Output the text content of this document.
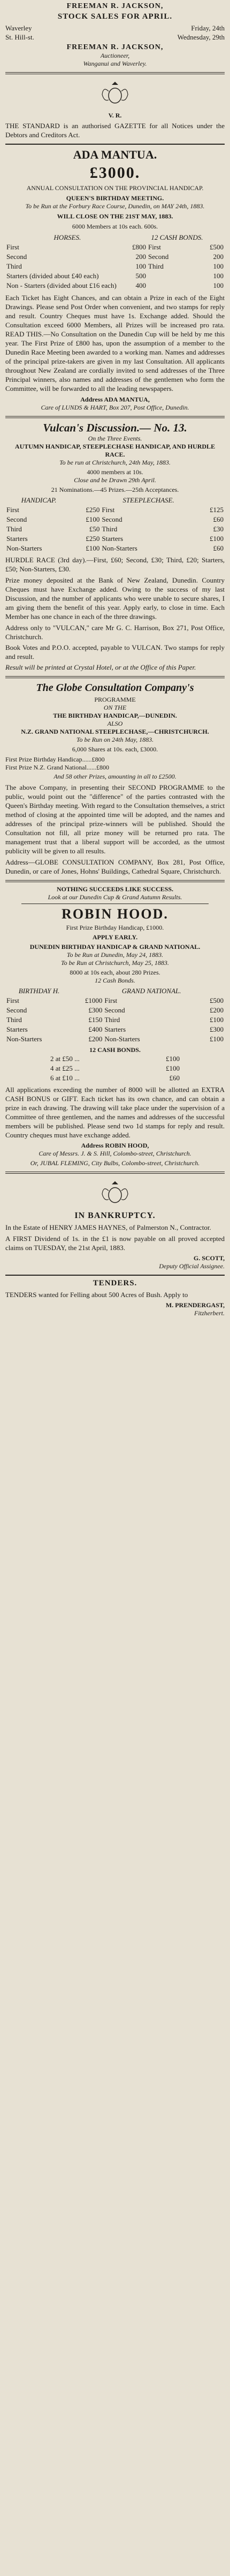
FREEMAN R. JACKSON,
STOCK SALES FOR APRIL.
Waverley	Friday, 24th
St. Hill-st.	Wednesday, 29th
FREEMAN R. JACKSON,
Auctioneer,
Wanganui and Waverley.
V. R.
THE STANDARD is an authorised GAZETTE for all Notices under the Debtors and Creditors Act.
ADA MANTUA.
£3000.
ANNUAL CONSULTATION ON THE PROVINCIAL HANDICAP.
QUEEN'S BIRTHDAY MEETING.
To be Run at the Forbury Race Course, Dunedin, on MAY 24th, 1883.
WILL CLOSE ON THE 21ST MAY, 1883.
6000 Members at 10s each. 600s.
HORSES.		12 CASH BONDS.	
First	£800	First	£500
Second	200	Second	200
Third	100	Third	100
Starters (divided about £40 each)	500		100
Non - Starters (divided about £16 each)	400		100
Each Ticket has Eight Chances, and can obtain a Prize in each of the Eight Drawings. Please send Post Order when convenient, and two stamps for reply and result. Country Cheques must have 1s. Exchange added. Should the Consultation exceed 6000 Members, all Prizes will be increased pro rata. READ THIS.—No Consultation on the Dunedin Cup will be held by me this year. The First Prize of £800 has, upon the assumption of a member to the Dunedin Race Meeting been awarded to a working man. Names and addresses of the principal prize-takers are given in my last Consultation. All applicants throughout New Zealand are cordially invited to send addresses of the Three Principal winners, also names and addresses of the gentlemen who form the Committee, will be forwarded to all the leading newspapers.
Address ADA MANTUA,
Care of LUNDS & HART, Box 207, Post Office, Dunedin.
Vulcan's Discussion.— No. 13.
On the Three Events.
AUTUMN HANDICAP, STEEPLECHASE HANDICAP, AND HURDLE RACE.
To be run at Christchurch, 24th May, 1883.
4000 members at 10s.
Close and be Drawn 29th April.
21 Nominations.—45 Prizes.—25th Acceptances.
HANDICAP.		STEEPLECHASE.	
First	£250	First	£125
Second	£100	Second	£60
Third	£50	Third	£30
Starters	£250	Starters	£100
Non-Starters	£100	Non-Starters	£60
HURDLE RACE (3rd day).—First, £60; Second, £30; Third, £20; Starters, £50; Non-Starters, £30.
Prize money deposited at the Bank of New Zealand, Dunedin. Country Cheques must have Exchange added. Owing to the success of my last Discussion, and the number of applicants who were unable to secure shares, I am giving them the benefit of this year. Apply early, to close in time. Each Member has one chance in each of the three drawings.
Address only to "VULCAN," care Mr G. C. Harrison, Box 271, Post Office, Christchurch.
Book Votes and P.O.O. accepted, payable to VULCAN. Two stamps for reply and result.
Result will be printed at Crystal Hotel, or at the Office of this Paper.
The Globe Consultation Company's
PROGRAMME
ON THE
THE BIRTHDAY HANDICAP,—DUNEDIN.
ALSO
N.Z. GRAND NATIONAL STEEPLECHASE,—CHRISTCHURCH.
To be Run on 24th May, 1883.
6,000 Shares at 10s. each, £3000.
First Prize Birthday Handicap......£800
First Prize N.Z. Grand National......£800
And 58 other Prizes, amounting in all to £2500.
The above Company, in presenting their SECOND PROGRAMME to the public, would point out the "difference" of the parties contrasted with the Queen's Birthday meeting. With regard to the Consultation themselves, a strict method of closing at the appointed time will be adopted, and the names and addresses of the principal prize-winners will be published. Should the Consultation not fill, all prize money will be returned pro rata. The management trust that a liberal support will be accorded, as the utmost publicity will be given to all results.
Address—GLOBE CONSULTATION COMPANY, Box 281, Post Office, Dunedin, or care of Jones, Hohns' Buildings, Cathedral Square, Christchurch.
NOTHING SUCCEEDS LIKE SUCCESS.
Look at our Dunedin Cup & Grand Autumn Results.
ROBIN HOOD.
First Prize Birthday Handicap, £1000.
APPLY EARLY.
DUNEDIN BIRTHDAY HANDICAP & GRAND NATIONAL.
To be Run at Dunedin, May 24, 1883.
To be Run at Christchurch, May 25, 1883.
8000 at 10s each, about 280 Prizes.
12 Cash Bonds.
BIRTHDAY H.		GRAND NATIONAL.	
First	£1000	First	£500
Second	£300	Second	£200
Third	£150	Third	£100
Starters	£400	Starters	£300
Non-Starters	£200	Non-Starters	£100
12 CASH BONDS.
2 at £50 ...	£100
4 at £25 ...	£100
6 at £10 ...	£60
All applications exceeding the number of 8000 will be allotted an EXTRA CASH BONUS or GIFT. Each ticket has its own chance, and can obtain a prize in each drawing. The drawing will take place under the supervision of a Committee of three gentlemen, and the names and addresses of the successful members will be published. Please send two 1d stamps for reply and result. Country cheques must have exchange added.
Address ROBIN HOOD,
Care of Messrs. J. & S. Hill, Colombo-street, Christchurch.
Or, JUBAL FLEMING, City Bulbs, Colombo-street, Christchurch.
IN BANKRUPTCY.
In the Estate of HENRY JAMES HAYNES, of Palmerston N., Contractor.
A FIRST Dividend of 1s. in the £1 is now payable on all proved accepted claims on TUESDAY, the 21st April, 1883.
G. SCOTT,
Deputy Official Assignee.
TENDERS.
TENDERS wanted for Felling about 500 Acres of Bush. Apply to
M. PRENDERGAST,
Fitzherbert.
